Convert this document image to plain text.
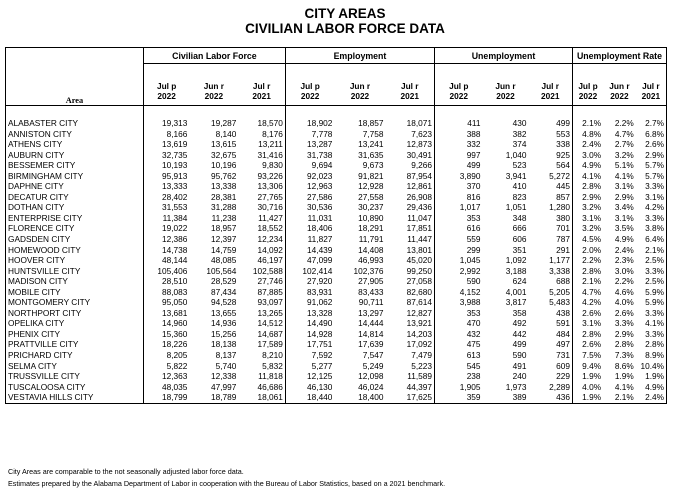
CITY AREAS
CIVILIAN LABOR FORCE DATA
	Civilian Labor Force			Employment			Unemployment			Unemployment Rate		
Area	Jul p	Jun r	Jul r	Jul p	Jun r	Jul r	Jul p	Jun r	Jul r	Jul p	Jun r	Jul r
	2022	2022	2021	2022	2022	2021	2022	2022	2021	2022	2022	2021

ALABASTER CITY	19,313	19,287	18,570	18,902	18,857	18,071	411	430	499	2.1%	2.2%	2.7%
ANNISTON CITY	8,166	8,140	8,176	7,778	7,758	7,623	388	382	553	4.8%	4.7%	6.8%
ATHENS CITY	13,619	13,615	13,211	13,287	13,241	12,873	332	374	338	2.4%	2.7%	2.6%
AUBURN CITY	32,735	32,675	31,416	31,738	31,635	30,491	997	1,040	925	3.0%	3.2%	2.9%
BESSEMER CITY	10,193	10,196	9,830	9,694	9,673	9,266	499	523	564	4.9%	5.1%	5.7%
BIRMINGHAM CITY	95,913	95,762	93,226	92,023	91,821	87,954	3,890	3,941	5,272	4.1%	4.1%	5.7%
DAPHNE CITY	13,333	13,338	13,306	12,963	12,928	12,861	370	410	445	2.8%	3.1%	3.3%
DECATUR CITY	28,402	28,381	27,765	27,586	27,558	26,908	816	823	857	2.9%	2.9%	3.1%
DOTHAN CITY	31,553	31,288	30,716	30,536	30,237	29,436	1,017	1,051	1,280	3.2%	3.4%	4.2%
ENTERPRISE CITY	11,384	11,238	11,427	11,031	10,890	11,047	353	348	380	3.1%	3.1%	3.3%
FLORENCE CITY	19,022	18,957	18,552	18,406	18,291	17,851	616	666	701	3.2%	3.5%	3.8%
GADSDEN CITY	12,386	12,397	12,234	11,827	11,791	11,447	559	606	787	4.5%	4.9%	6.4%
HOMEWOOD CITY	14,738	14,759	14,092	14,439	14,408	13,801	299	351	291	2.0%	2.4%	2.1%
HOOVER CITY	48,144	48,085	46,197	47,099	46,993	45,020	1,045	1,092	1,177	2.2%	2.3%	2.5%
HUNTSVILLE CITY	105,406	105,564	102,588	102,414	102,376	99,250	2,992	3,188	3,338	2.8%	3.0%	3.3%
MADISON CITY	28,510	28,529	27,746	27,920	27,905	27,058	590	624	688	2.1%	2.2%	2.5%
MOBILE CITY	88,083	87,434	87,885	83,931	83,433	82,680	4,152	4,001	5,205	4.7%	4.6%	5.9%
MONTGOMERY CITY	95,050	94,528	93,097	91,062	90,711	87,614	3,988	3,817	5,483	4.2%	4.0%	5.9%
NORTHPORT CITY	13,681	13,655	13,265	13,328	13,297	12,827	353	358	438	2.6%	2.6%	3.3%
OPELIKA CITY	14,960	14,936	14,512	14,490	14,444	13,921	470	492	591	3.1%	3.3%	4.1%
PHENIX CITY	15,360	15,256	14,687	14,928	14,814	14,203	432	442	484	2.8%	2.9%	3.3%
PRATTVILLE CITY	18,226	18,138	17,589	17,751	17,639	17,092	475	499	497	2.6%	2.8%	2.8%
PRICHARD CITY	8,205	8,137	8,210	7,592	7,547	7,479	613	590	731	7.5%	7.3%	8.9%
SELMA CITY	5,822	5,740	5,832	5,277	5,249	5,223	545	491	609	9.4%	8.6%	10.4%
TRUSSVILLE CITY	12,363	12,338	11,818	12,125	12,098	11,589	238	240	229	1.9%	1.9%	1.9%
TUSCALOOSA CITY	48,035	47,997	46,686	46,130	46,024	44,397	1,905	1,973	2,289	4.0%	4.1%	4.9%
VESTAVIA HILLS CITY	18,799	18,789	18,061	18,440	18,400	17,625	359	389	436	1.9%	2.1%	2.4%
City Areas are comparable to the not seasonally adjusted labor force data.
Estimates prepared by the Alabama Department of Labor in cooperation with the Bureau of Labor Statistics, based on a 2021 benchmark.
